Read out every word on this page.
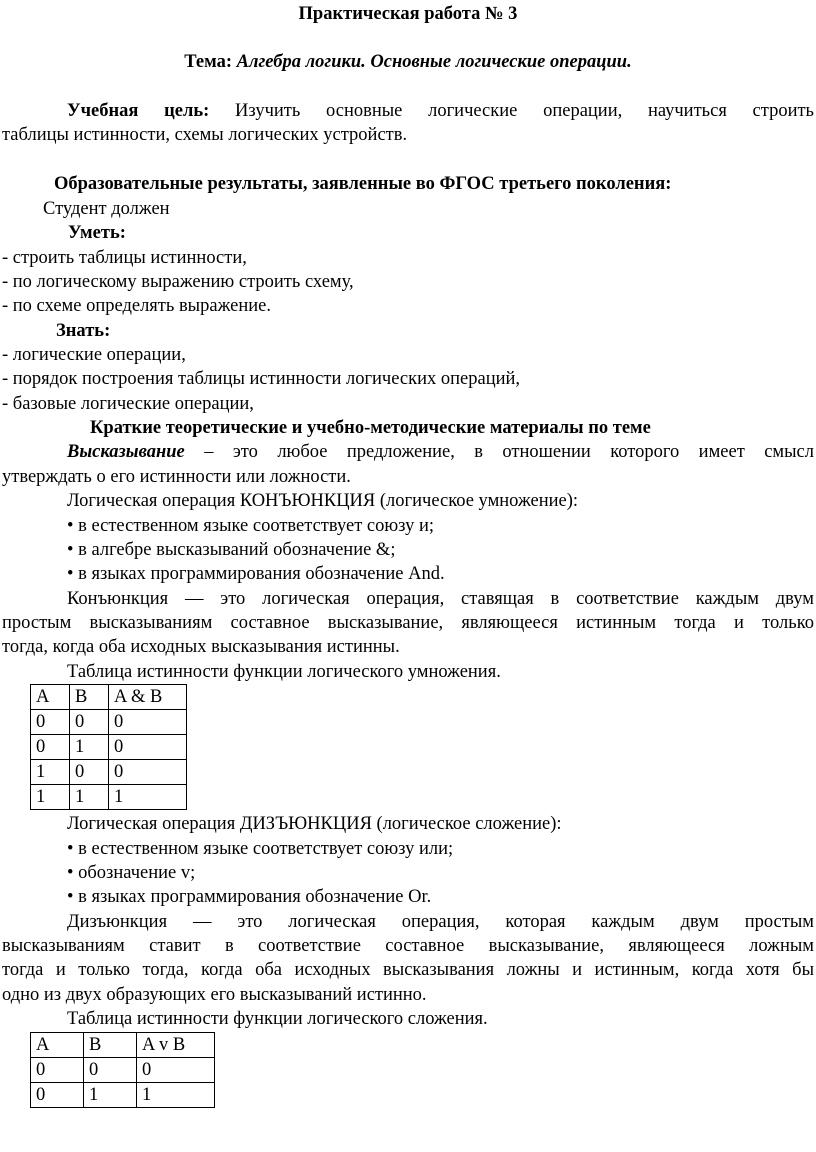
Практическая работа № 3
Тема: Алгебра логики. Основные логические операции.
Учебная цель: Изучить основные логические операции, научиться строить
таблицы истинности, схемы логических устройств.
Образовательные результаты, заявленные во ФГОС третьего поколения:
Студент должен
Уметь:
- строить таблицы истинности,
- по логическому выражению строить схему,
- по схеме определять выражение.
Знать:
- логические операции,
- порядок построения таблицы истинности логических операций,
- базовые логические операции,
Краткие теоретические и учебно-методические материалы по теме
Высказывание – это любое предложение, в отношении которого имеет смысл
утверждать о его истинности или ложности.
Логическая операция КОНЪЮНКЦИЯ (логическое умножение):
• в естественном языке соответствует союзу и;
• в алгебре высказываний обозначение &;
• в языках программирования обозначение And.
Конъюнкция — это логическая операция, ставящая в соответствие каждым двум
простым высказываниям составное высказывание, являющееся истинным тогда и только
тогда, когда оба исходных высказывания истинны.
Таблица истинности функции логического умножения.
A	B	A & B
0	0	0
0	1	0
1	0	0
1	1	1
Логическая операция ДИЗЪЮНКЦИЯ (логическое сложение):
• в естественном языке соответствует союзу или;
• обозначение v;
• в языках программирования обозначение Or.
Дизъюнкция — это логическая операция, которая каждым двум простым
высказываниям ставит в соответствие составное высказывание, являющееся ложным
тогда и только тогда, когда оба исходных высказывания ложны и истинным, когда хотя бы
одно из двух образующих его высказываний истинно.
Таблица истинности функции логического сложения.
A	B	A v B
0	0	0
0	1	1
